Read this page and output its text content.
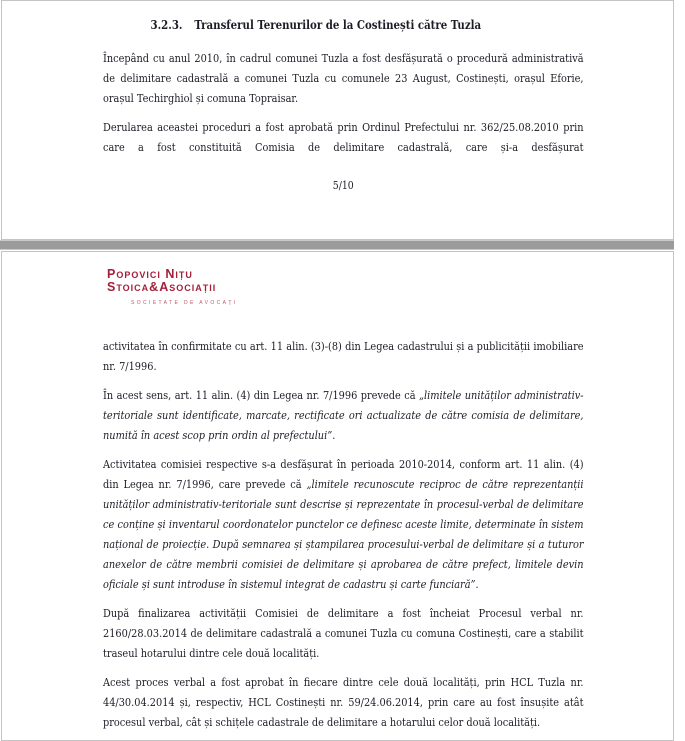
3.2.3. Transferul Terenurilor de la Costinești către Tuzla

Începând cu anul 2010, în cadrul comunei Tuzla a fost desfășurată o procedură administrativă de delimitare cadastrală a comunei Tuzla cu comunele 23 August, Costinești, orașul Eforie, orașul Techirghiol și comuna Topraisar.

Derularea aceastei proceduri a fost aprobată prin Ordinul Prefectului nr. 362/25.08.2010 prin care a fost constituită Comisia de delimitare cadastrală, care și-a desfășurat

5/10
Popovici Nițu
Stoica&Asociații
SOCIETATE DE AVOCAȚI

activitatea în confirmitate cu art. 11 alin. (3)-(8) din Legea cadastrului și a publicității imobiliare nr. 7/1996.

În acest sens, art. 11 alin. (4) din Legea nr. 7/1996 prevede că „limitele unităților administrativ-teritoriale sunt identificate, marcate, rectificate ori actualizate de către comisia de delimitare, numită în acest scop prin ordin al prefectului”.

Activitatea comisiei respective s-a desfășurat în perioada 2010-2014, conform art. 11 alin. (4) din Legea nr. 7/1996, care prevede că „limitele recunoscute reciproc de către reprezentanții unităților administrativ-teritoriale sunt descrise și reprezentate în procesul-verbal de delimitare ce conține și inventarul coordonatelor punctelor ce definesc aceste limite, determinate în sistem național de proiecție. După semnarea și ștampilarea procesului-verbal de delimitare și a tuturor anexelor de către membrii comisiei de delimitare și aprobarea de către prefect, limitele devin oficiale și sunt introduse în sistemul integrat de cadastru și carte funciară”.

După finalizarea activității Comisiei de delimitare a fost încheiat Procesul verbal nr. 2160/28.03.2014 de delimitare cadastrală a comunei Tuzla cu comuna Costinești, care a stabilit traseul hotarului dintre cele două localități.

Acest proces verbal a fost aprobat în fiecare dintre cele două localități, prin HCL Tuzla nr. 44/30.04.2014 și, respectiv, HCL Costinești nr. 59/24.06.2014, prin care au fost însușite atât procesul verbal, cât și schițele cadastrale de delimitare a hotarului celor două localități.
